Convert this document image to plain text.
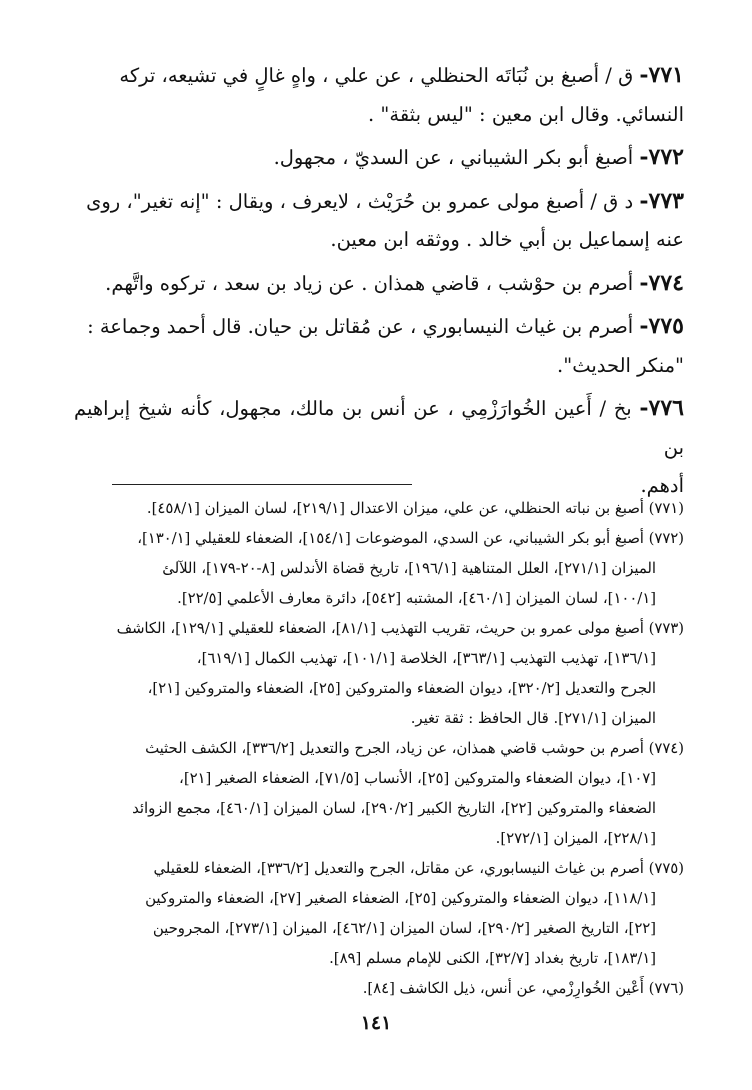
٧٧١- ق / أصبغ بن نُبَاتَه الحنظلي ، عن علي ، واهٍ غالٍ في تشيعه، تركه
النسائي. وقال ابن معين : "ليس بثقة" .
٧٧٢- أصبغ أبو بكر الشيباني ، عن السديّ ، مجهول.
٧٧٣- د ق / أصبغ مولى عمرو بن حُرَيْث ، لايعرف ، ويقال : "إنه تغير"، روى
عنه إسماعيل بن أبي خالد . ووثقه ابن معين.
٧٧٤- أصرم بن حوْشب ، قاضي همذان . عن زياد بن سعد ، تركوه واتَّهم.
٧٧٥- أصرم بن غياث النيسابوري ، عن مُقاتل بن حيان. قال أحمد وجماعة :
"منكر الحديث".
٧٧٦- بخ / أَعين الخُوارَزْمِي ، عن أنس بن مالك، مجهول، كأنه شيخ إبراهيم بن
أدهم.
(٧٧١) أصبغ بن نباته الحنظلي، عن علي، ميزان الاعتدال [٢١٩/١]، لسان الميزان [٤٥٨/١].
(٧٧٢) أصبغ أبو بكر الشيباني، عن السدي، الموضوعات [١٥٤/١]، الضعفاء للعقيلي [١٣٠/١]،
الميزان [٢٧١/١]، العلل المتناهية [١٩٦/١]، تاريخ قضاة الأندلس [٨-٢٠-١٧٩]، اللآلئ
[١٠٠/١]، لسان الميزان [٤٦٠/١]، المشتبه [٥٤٢]، دائرة معارف الأعلمي [٢٢/٥].
(٧٧٣) أصبغ مولى عمرو بن حريث، تقريب التهذيب [٨١/١]، الضعفاء للعقيلي [١٢٩/١]، الكاشف
[١٣٦/١]، تهذيب التهذيب [٣٦٣/١]، الخلاصة [١٠١/١]، تهذيب الكمال [٦١٩/١]،
الجرح والتعديل [٣٢٠/٢]، ديوان الضعفاء والمتروكين [٢٥]، الضعفاء والمتروكين [٢١]،
الميزان [٢٧١/١]. قال الحافظ : ثقة تغير.
(٧٧٤) أصرم بن حوشب قاضي همذان، عن زياد، الجرح والتعديل [٣٣٦/٢]، الكشف الحثيث
[١٠٧]، ديوان الضعفاء والمتروكين [٢٥]، الأنساب [٧١/٥]، الضعفاء الصغير [٢١]،
الضعفاء والمتروكين [٢٢]، التاريخ الكبير [٢٩٠/٢]، لسان الميزان [٤٦٠/١]، مجمع الزوائد
[٢٢٨/١]، الميزان [٢٧٢/١].
(٧٧٥) أصرم بن غياث النيسابوري، عن مقاتل، الجرح والتعديل [٣٣٦/٢]، الضعفاء للعقيلي
[١١٨/١]، ديوان الضعفاء والمتروكين [٢٥]، الضعفاء الصغير [٢٧]، الضعفاء والمتروكين
[٢٢]، التاريخ الصغير [٢٩٠/٢]، لسان الميزان [٤٦٢/١]، الميزان [٢٧٣/١]، المجروحين
[١٨٣/١]، تاريخ بغداد [٣٢/٧]، الكنى للإمام مسلم [٨٩].
(٧٧٦) أَعْين الخُوارِزْمي، عن أنس، ذيل الكاشف [٨٤].
١٤١
